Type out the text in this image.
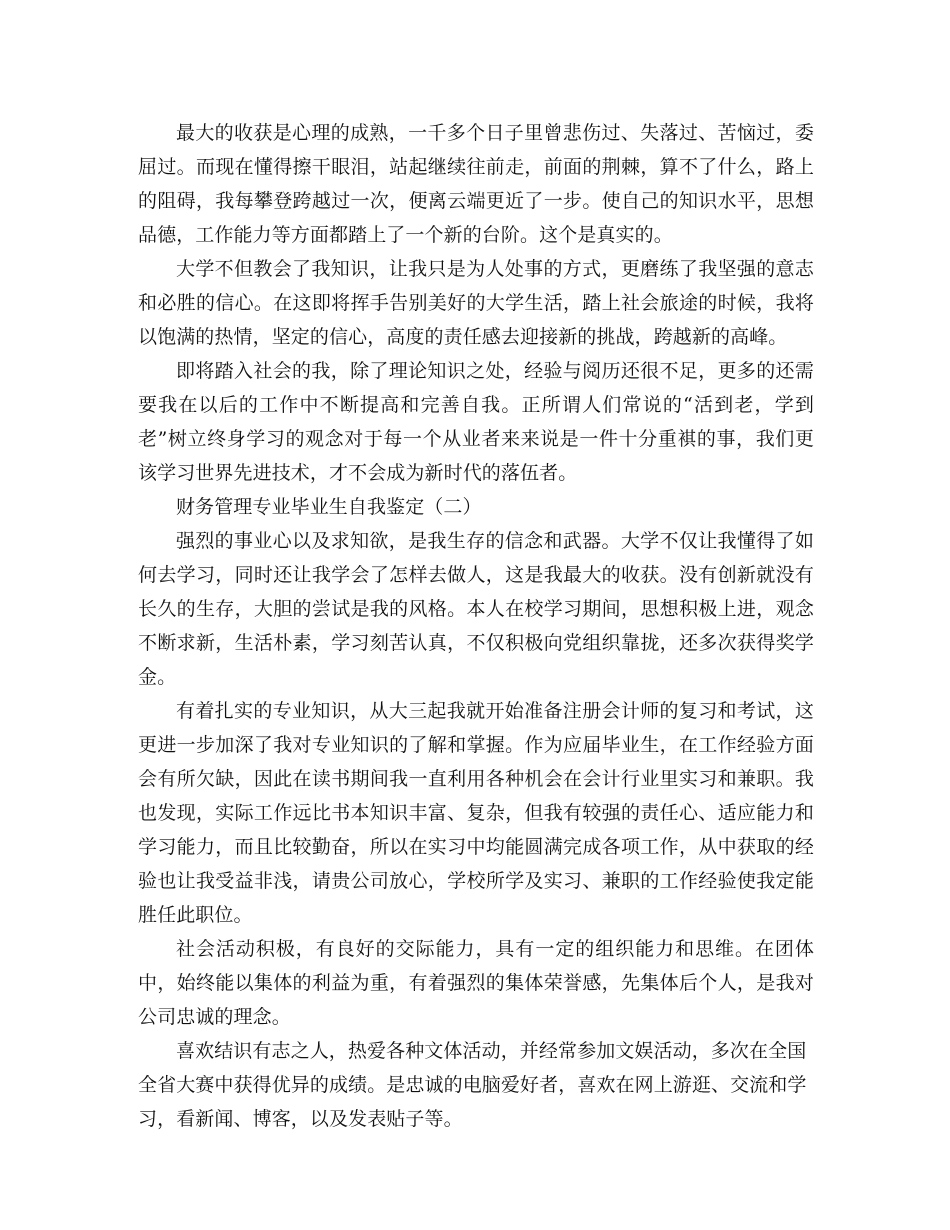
最大的收获是心理的成熟，一千多个日子里曾悲伤过、失落过、苦恼过，委屈过。而现在懂得擦干眼泪，站起继续往前走，前面的荆棘，算不了什么，路上的阻碍，我每攀登跨越过一次，便离云端更近了一步。使自己的知识水平，思想品德，工作能力等方面都踏上了一个新的台阶。这个是真实的。

大学不但教会了我知识，让我只是为人处事的方式，更磨练了我坚强的意志和必胜的信心。在这即将挥手告别美好的大学生活，踏上社会旅途的时候，我将以饱满的热情，坚定的信心，高度的责任感去迎接新的挑战，跨越新的高峰。

即将踏入社会的我，除了理论知识之处，经验与阅历还很不足，更多的还需要我在以后的工作中不断提高和完善自我。正所谓人们常说的“活到老，学到老”树立终身学习的观念对于每一个从业者来来说是一件十分重褀的事，我们更该学习世界先进技术，才不会成为新时代的落伍者。

财务管理专业毕业生自我鉴定（二）

强烈的事业心以及求知欲，是我生存的信念和武器。大学不仅让我懂得了如何去学习，同时还让我学会了怎样去做人，这是我最大的收获。没有创新就没有长久的生存，大胆的尝试是我的风格。本人在校学习期间，思想积极上进，观念不断求新，生活朴素，学习刻苦认真，不仅积极向党组织靠拢，还多次获得奖学金。

有着扎实的专业知识，从大三起我就开始准备注册会计师的复习和考试，这更进一步加深了我对专业知识的了解和掌握。作为应届毕业生，在工作经验方面会有所欠缺，因此在读书期间我一直利用各种机会在会计行业里实习和兼职。我也发现，实际工作远比书本知识丰富、复杂，但我有较强的责任心、适应能力和学习能力，而且比较勤奋，所以在实习中均能圆满完成各项工作，从中获取的经验也让我受益非浅，请贵公司放心，学校所学及实习、兼职的工作经验使我定能胜任此职位。

社会活动积极，有良好的交际能力，具有一定的组织能力和思维。在团体中，始终能以集体的利益为重，有着强烈的集体荣誉感，先集体后个人，是我对公司忠诚的理念。

喜欢结识有志之人，热爱各种文体活动，并经常参加文娱活动，多次在全国全省大赛中获得优异的成绩。是忠诚的电脑爱好者，喜欢在网上游逛、交流和学习，看新闻、博客，以及发表贴子等。
